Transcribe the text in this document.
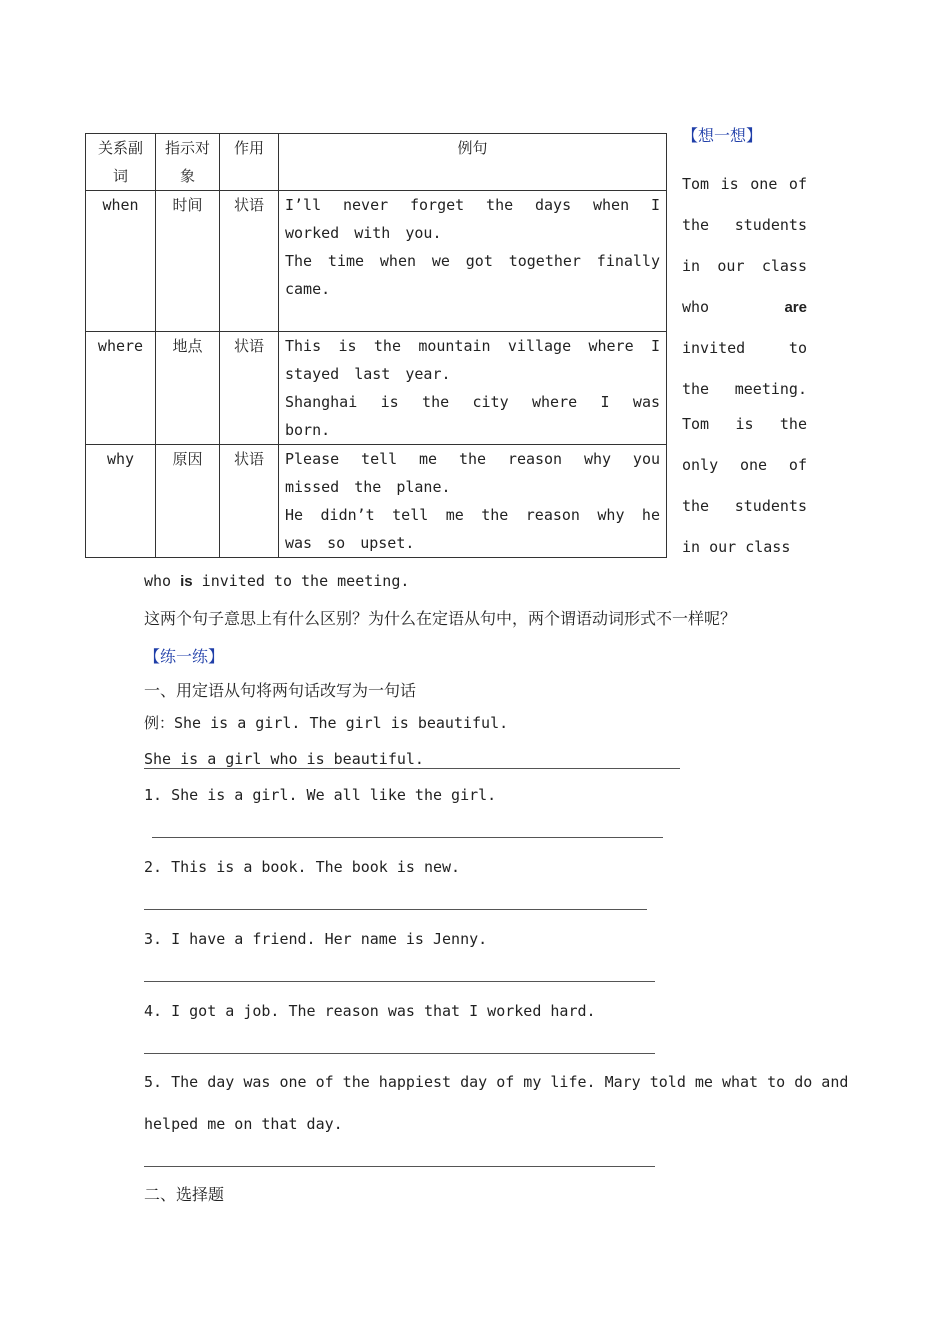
关系副词	指示对象	作用	例句
when	时间	状语	I’ll never forget the days when I worked with you.

The time when we got together finally came.

where	地点	状语	This is the mountain village where I stayed last year.

Shanghai is the city where I was born.

why	原因	状语	Please tell me the reason why you missed the plane.

He didn’t tell me the reason why he was so upset.

【想一想】

Tom is one of the students in our class who	are invited to the meeting.

Tom is the only one of the students in our class

who is invited to the meeting.
这两个句子意思上有什么区别？为什么在定语从句中，两个谓语动词形式不一样呢？
【练一练】
一、用定语从句将两句话改写为一句话
例：She is a girl. The girl is beautiful.
She is a girl who is beautiful.
1. She is a girl. We all like the girl.
2. This is a book. The book is new.
3. I have a friend. Her name is Jenny.
4. I got a job. The reason was that I worked hard.
5. The day was one of the happiest day of my life. Mary told me what to do and
helped me on that day.
二、选择题
